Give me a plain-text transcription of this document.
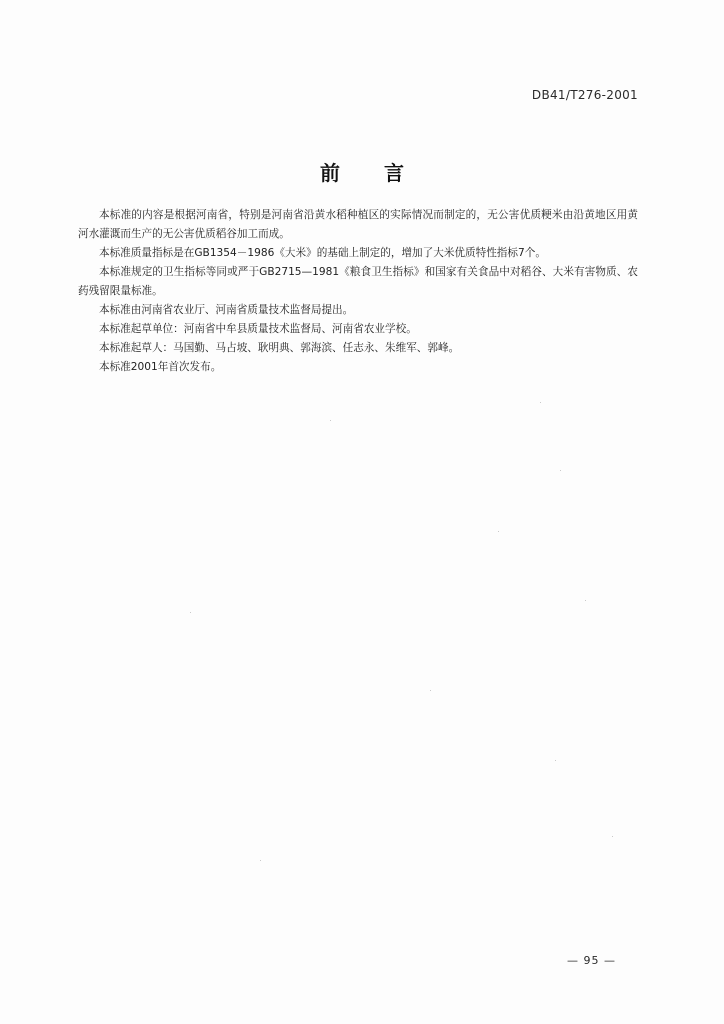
DB41/T276-2001
前言

本标准的内容是根据河南省，特别是河南省沿黄水稻种植区的实际情况而制定的，无公害优质粳米由沿黄地区用黄河水灌溉而生产的无公害优质稻谷加工而成。

本标准质量指标是在GB1354－1986《大米》的基础上制定的，增加了大米优质特性指标7个。

本标准规定的卫生指标等同或严于GB2715—1981《粮食卫生指标》和国家有关食品中对稻谷、大米有害物质、农药残留限量标准。

本标准由河南省农业厅、河南省质量技术监督局提出。

本标准起草单位：河南省中牟县质量技术监督局、河南省农业学校。

本标准起草人：马国勤、马占坡、耿明典、郭海滨、任志永、朱维军、郭峰。

本标准2001年首次发布。

— 95 —
